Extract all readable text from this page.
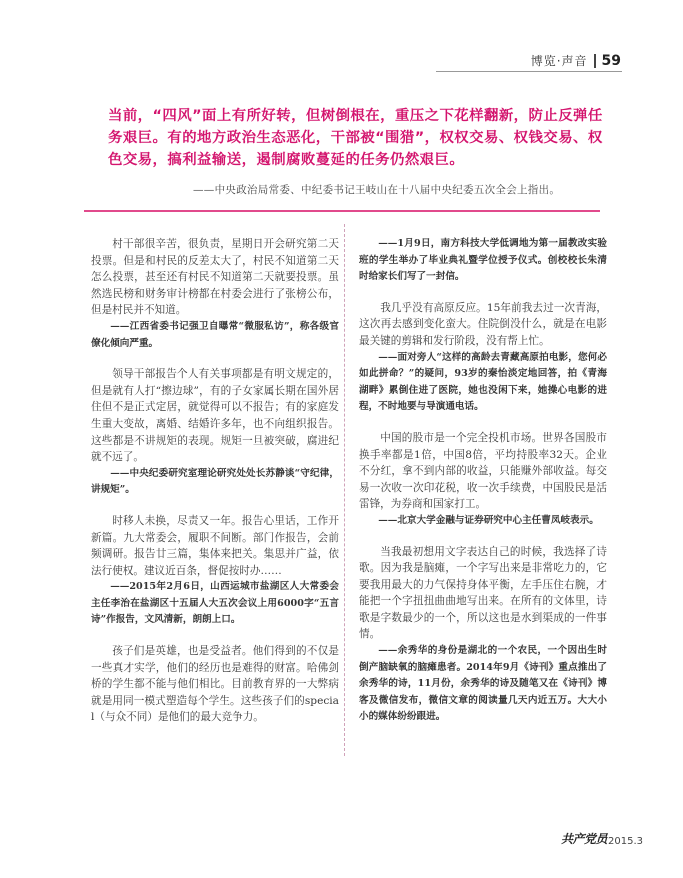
博览·声音 59

当前，“四风”面上有所好转，但树倒根在，重压之下花样翻新，防止反弹任务艰巨。有的地方政治生态恶化，干部被“围猎”，权权交易、权钱交易、权色交易，搞利益输送，遏制腐败蔓延的任务仍然艰巨。

——中央政治局常委、中纪委书记王岐山在十八届中央纪委五次全会上指出。

村干部很辛苦，很负责，星期日开会研究第二天投票。但是和村民的反差太大了，村民不知道第二天怎么投票，甚至还有村民不知道第二天就要投票。虽然选民榜和财务审计榜都在村委会进行了张榜公布，但是村民并不知道。

——江西省委书记强卫自曝常“微服私访”，称各级官僚化倾向严重。

领导干部报告个人有关事项都是有明文规定的，但是就有人打“擦边球”，有的子女家属长期在国外居住但不是正式定居，就觉得可以不报告；有的家庭发生重大变故，离婚、结婚许多年，也不向组织报告。这些都是不讲规矩的表现。规矩一旦被突破，腐进纪就不远了。

——中央纪委研究室理论研究处处长苏静谈“守纪律，讲规矩”。

时移人未换，尽责又一年。报告心里话，工作开新篇。九大常委会，履职不间断。部门作报告，会前频调研。报告廿三篇，集体来把关。集思并广益，依法行使权。建议近百条，督促按时办……

——2015年2月6日，山西运城市盐湖区人大常委会主任李治在盐湖区十五届人大五次会议上用6000字“五言诗”作报告，文风清新，朗朗上口。

孩子们是英雄，也是受益者。他们得到的不仅是一些真才实学，他们的经历也是难得的财富。哈佛剑桥的学生都不能与他们相比。目前教育界的一大弊病就是用同一模式塑造每个学生。这些孩子们的special（与众不同）是他们的最大竞争力。

——1月9日，南方科技大学低调地为第一届教改实验班的学生举办了毕业典礼暨学位授予仪式。创校校长朱清时给家长们写了一封信。

我几乎没有高原反应。15年前我去过一次青海，这次再去感到变化蛮大。住院倒没什么，就是在电影最关键的剪辑和发行阶段，没有帮上忙。

——面对旁人“这样的高龄去青藏高原拍电影，您何必如此拼命？”的疑问，93岁的秦怡淡定地回答，拍《青海湖畔》累倒住进了医院，她也没闲下来，她操心电影的进程，不时地要与导演通电话。

中国的股市是一个完全投机市场。世界各国股市换手率都是1倍，中国8倍，平均持股率32天。企业不分红，拿不到内部的收益，只能赚外部收益。每交易一次收一次印花税，收一次手续费，中国股民是活雷锋，为券商和国家打工。

——北京大学金融与证券研究中心主任曹凤岐表示。

当我最初想用文字表达自己的时候，我选择了诗歌。因为我是脑瘫，一个字写出来是非常吃力的，它要我用最大的力气保持身体平衡，左手压住右腕，才能把一个字扭扭曲曲地写出来。在所有的文体里，诗歌是字数最少的一个，所以这也是水到渠成的一件事情。

——余秀华的身份是湖北的一个农民，一个因出生时倒产脑缺氧的脑瘫患者。2014年9月《诗刊》重点推出了余秀华的诗，11月份，余秀华的诗及随笔又在《诗刊》博客及微信发布，微信文章的阅读量几天内近五万。大大小小的媒体纷纷跟进。

共产党员 2015.3
